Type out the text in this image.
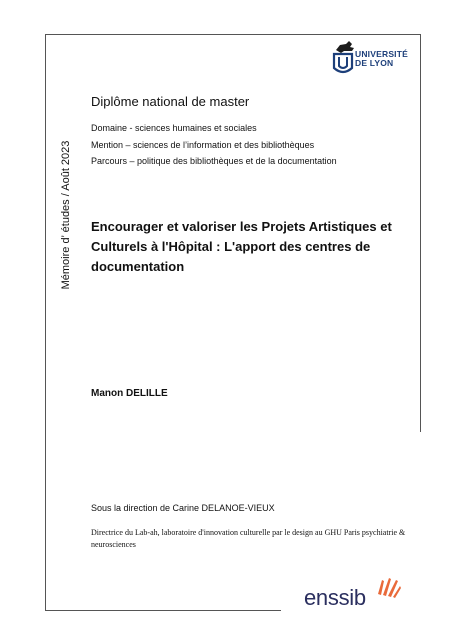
Mémoire d’ études / Août 2023
UNIVERSITÉ
DE LYON
Diplôme national de master
Domaine - sciences humaines et sociales
Mention – sciences de l’information et des bibliothèques
Parcours – politique des bibliothèques et de la documentation
Encourager et valoriser les Projets Artistiques et Culturels à l'Hôpital : L'apport des centres de documentation
Manon DELILLE
Sous la direction de Carine DELANOE-VIEUX
Directrice du Lab-ah, laboratoire d'innovation culturelle par le design au GHU Paris psychiatrie & neurosciences
enssib
